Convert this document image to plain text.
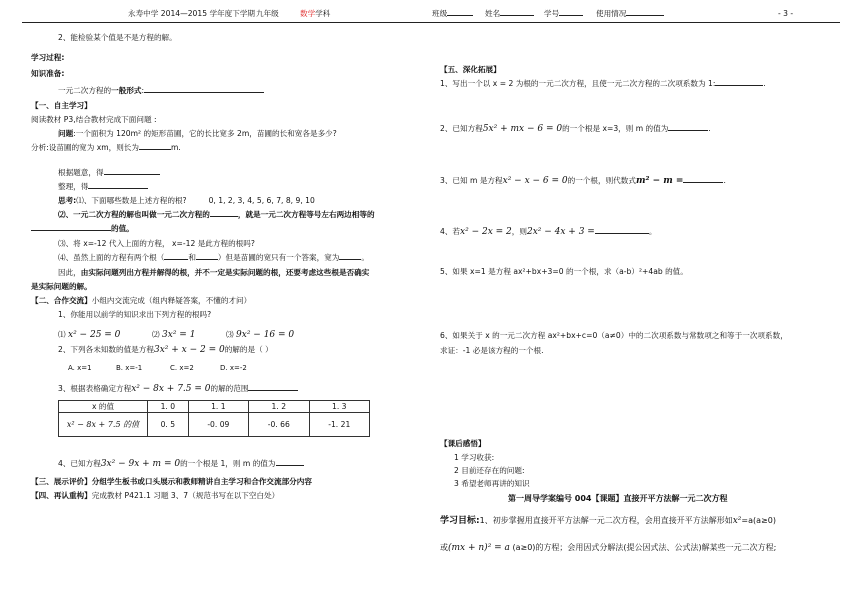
永寿中学 2014—2015 学年度下学期 九年级	数学学科	班级	姓名	学号	使用情况	- 3 -
2、能检验某个值是不是方程的解。
学习过程:
知识准备:
一元二次方程的一般形式:
【一、自主学习】
阅读教材 P3,结合教材完成下面问题 :
问题:一个面积为 120m² 的矩形苗圃，它的长比宽多 2m，苗圃的长和宽各是多少?
分析:设苗圃的宽为 xm，则长为	m.
根据题意，得
整理，得
思考:⑴、下面哪些数是上述方程的根?	0, 1, 2, 3, 4, 5, 6, 7, 8, 9, 10
⑵、一元二次方程的解也叫做一元二次方程的	，就是一元二次方程等号左右两边相等的
的值。
⑶、将 x=-12 代入上面的方程， x=-12 是此方程的根吗?
⑷、虽然上面的方程有两个根（	和	）但是苗圃的宽只有一个答案，宽为	。
因此，由实际问题列出方程并解得的根，并不一定是实际问题的根，还要考虑这些根是否确实
是实际问题的解。
【二、合作交流】小组内交流完成（组内释疑答案，不懂的才问）
1、你能用以前学的知识求出下列方程的根吗?
⑴ x² − 25 = 0	⑵ 3x² = 1	⑶ 9x² − 16 = 0
2、下列各未知数的值是方程3x² + x − 2 = 0的解的是（ ）
A. x=1	B. x=-1	C. x=2	D. x=-2
3、根据表格确定方程x² − 8x + 7.5 = 0的解的范围
x 的值	1. 0	1. 1	1. 2	1. 3
x² − 8x + 7.5 的值	0. 5	-0. 09	-0. 66	-1. 21
4、已知方程3x² − 9x + m = 0的一个根是 1，则 m 的值为
【三、展示评价】分组学生板书或口头展示和教师精讲自主学习和合作交流部分内容
【四、再认重构】完成教材 P421.1 习题 3、7（规范书写在以下空白处）
【五、深化拓展】
1、写出一个以 x = 2 为根的一元二次方程，且使一元二次方程的二次项系数为 1:	.
2、已知方程5x² + mx − 6 = 0的一个根是 x=3，则 m 的值为	.
3、已知 m 是方程x² − x − 6 = 0的一个根，则代数式m² − m =	.
4、若x² − 2x = 2，则2x² − 4x + 3 =	。
5、如果 x=1 是方程 ax²+bx+3=0 的一个根，求（a-b）²+4ab 的值。
6、如果关于 x 的一元二次方程 ax²+bx+c=0（a≠0）中的二次项系数与常数项之和等于一次项系数，
求证：-1 必是该方程的一个根.
【课后感悟】
1 学习收获:
2 目前还存在的问题:
3 希望老师再讲的知识
第一周导学案编号 004【课题】直接开平方法解一元二次方程
学习目标:1、初步掌握用直接开平方法解一元二次方程，会用直接开平方法解形如x²=a(a≥0)
或(mx + n)² = a (a≥0)的方程；会用因式分解法(提公因式法、公式法)解某些一元二次方程;
